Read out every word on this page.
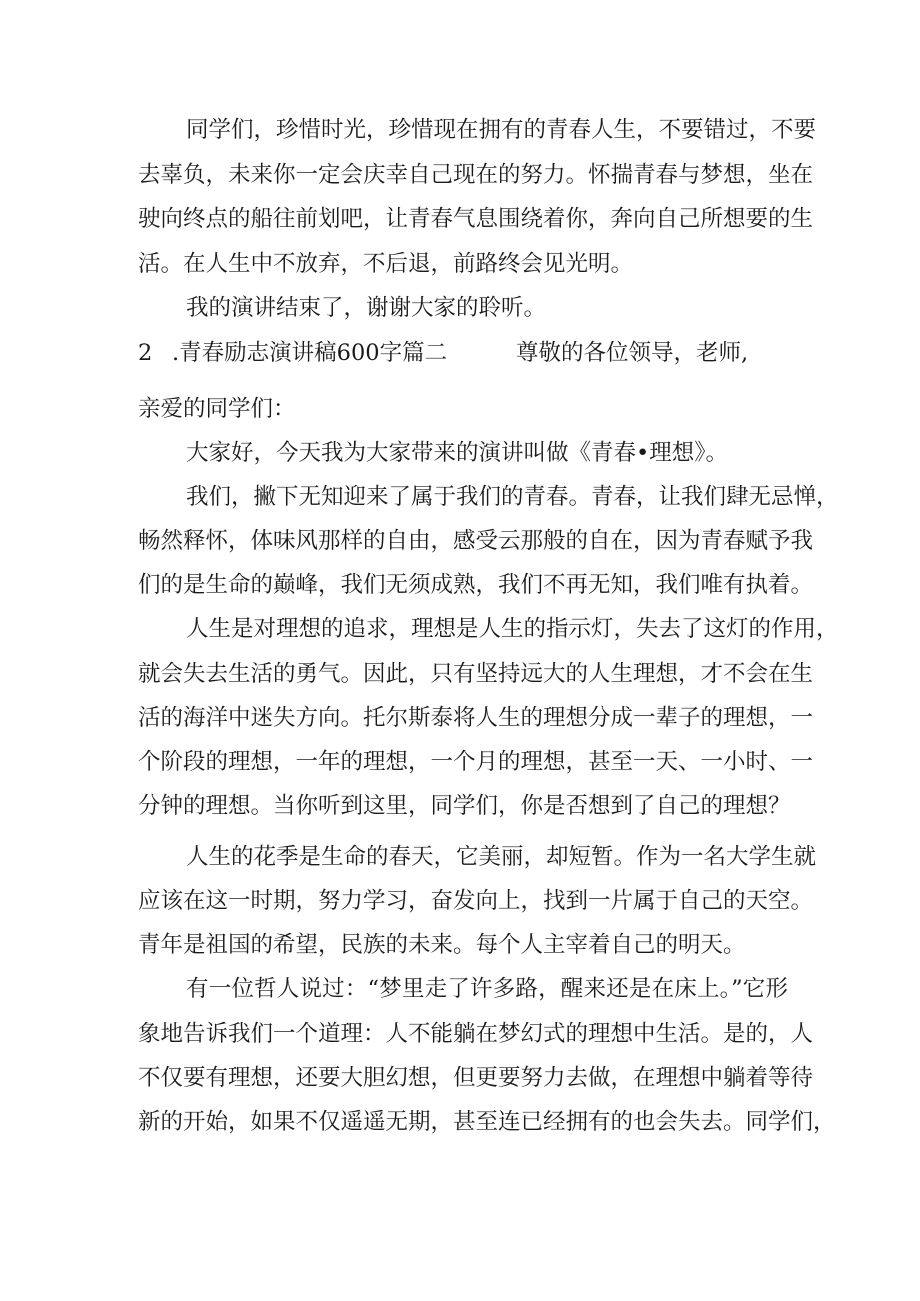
同学们，珍惜时光，珍惜现在拥有的青春人生，不要错过，不要
去辜负，未来你一定会庆幸自己现在的努力。怀揣青春与梦想，坐在
驶向终点的船往前划吧，让青春气息围绕着你，奔向自己所想要的生
活。在人生中不放弃，不后退，前路终会见光明。
我的演讲结束了，谢谢大家的聆听。
2 .青春励志演讲稿600字篇二	尊敬的各位领导，老师,
亲爱的同学们：
大家好，今天我为大家带来的演讲叫做《青春•理想》。
我们，撇下无知迎来了属于我们的青春。青春，让我们肆无忌惮，
畅然释怀，体味风那样的自由，感受云那般的自在，因为青春赋予我
们的是生命的巅峰，我们无须成熟，我们不再无知，我们唯有执着。
人生是对理想的追求，理想是人生的指示灯，失去了这灯的作用，
就会失去生活的勇气。因此，只有坚持远大的人生理想，才不会在生
活的海洋中迷失方向。托尔斯泰将人生的理想分成一辈子的理想，一
个阶段的理想，一年的理想，一个月的理想，甚至一天、一小时、一
分钟的理想。当你听到这里，同学们，你是否想到了自己的理想？
人生的花季是生命的春天，它美丽，却短暂。作为一名大学生就
应该在这一时期，努力学习，奋发向上，找到一片属于自己的天空。
青年是祖国的希望，民族的未来。每个人主宰着自己的明天。
有一位哲人说过：“梦里走了许多路，醒来还是在床上。”它形
象地告诉我们一个道理：人不能躺在梦幻式的理想中生活。是的，人
不仅要有理想，还要大胆幻想，但更要努力去做，在理想中躺着等待
新的开始，如果不仅遥遥无期，甚至连已经拥有的也会失去。同学们，
